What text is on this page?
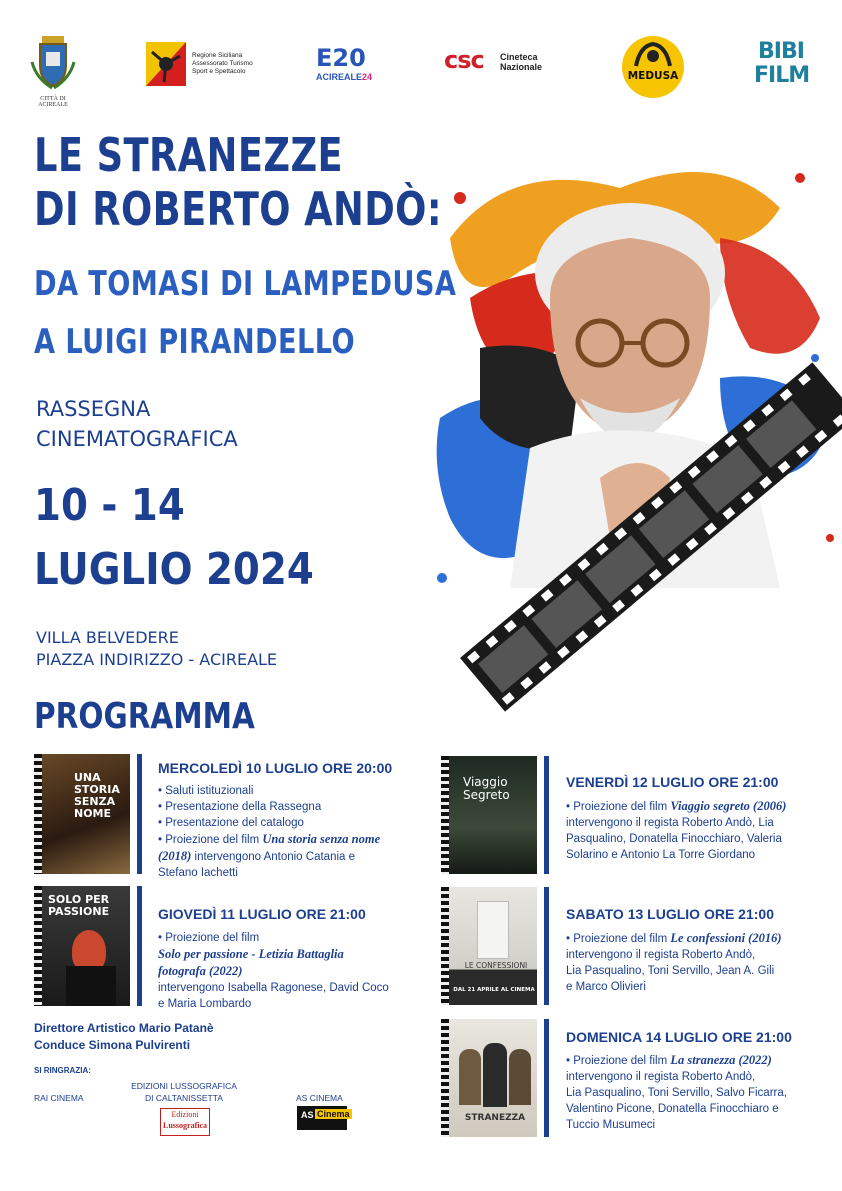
CITTÀ DI ACIREALE
Regione Siciliana
Assessorato Turismo
Sport e Spettacolo	E20
ACIREALE24
csc Cineteca
Nazionale
MEDUSA
BIBI
FILM
LE STRANEZZE
DI ROBERTO ANDÒ:
DA TOMASI DI LAMPEDUSA
A LUIGI PIRANDELLO
RASSEGNA
CINEMATOGRAFICA
10 - 14
LUGLIO 2024
VILLA BELVEDERE
PIAZZA INDIRIZZO - ACIREALE
PROGRAMMA
UNA STORIA SENZA NOME
MERCOLEDÌ 10 LUGLIO ORE 20:00
• Saluti istituzionali
• Presentazione della Rassegna
• Presentazione del catalogo
• Proiezione del film Una storia senza nome
(2018) intervengono Antonio Catania e
Stefano Iachetti
SOLO PER PASSIONE	GIOVEDÌ 11 LUGLIO ORE 21:00
• Proiezione del film
Solo per passione - Letizia Battaglia
fotografa (2022)
intervengono Isabella Ragonese, David Coco
e Maria Lombardo
Viaggio Segreto
VENERDÌ 12 LUGLIO ORE 21:00
• Proiezione del film Viaggio segreto (2006)
intervengono il regista Roberto Andò, Lia
Pasqualino, Donatella Finocchiaro, Valeria
Solarino e Antonio La Torre Giordano
LE CONFESSIONI
DAL 21 APRILE AL CINEMA
SABATO 13 LUGLIO ORE 21:00
• Proiezione del film Le confessioni (2016)
intervengono il regista Roberto Andò,
Lia Pasqualino, Toni Servillo, Jean A. Gili
e Marco Olivieri
STRANEZZA
DOMENICA 14 LUGLIO ORE 21:00
• Proiezione del film La stranezza (2022)
intervengono il regista Roberto Andò,
Lia Pasqualino, Toni Servillo, Salvo Ficarra,
Valentino Picone, Donatella Finocchiaro e
Tuccio Musumeci
Direttore Artistico Mario Patanè
Conduce Simona Pulvirenti
SI RINGRAZIA:
RAI CINEMA
EDIZIONI LUSSOGRAFICA
DI CALTANISSETTA
Edizioni
Lussografica
AS CINEMA
AS Cinema
